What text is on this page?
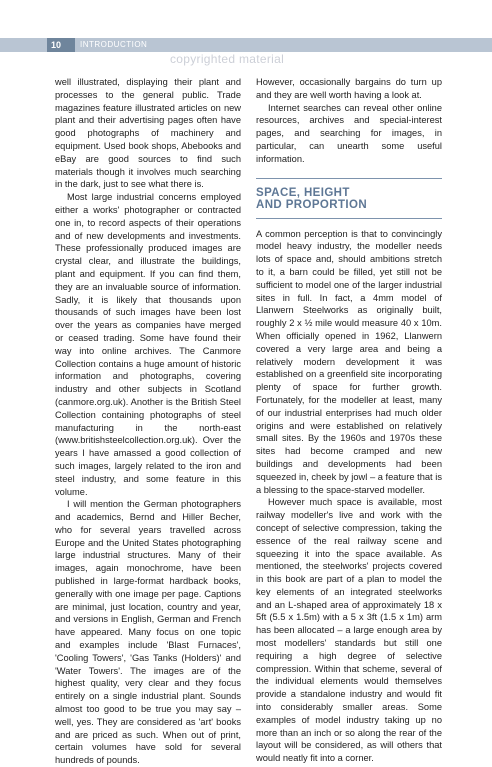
10 INTRODUCTION
copyrighted material

well illustrated, displaying their plant and processes to the general public. Trade magazines feature illustrated articles on new plant and their advertising pages often have good photographs of machinery and equipment. Used book shops, Abebooks and eBay are good sources to find such materials though it involves much searching in the dark, just to see what there is.

Most large industrial concerns employed either a works' photographer or contracted one in, to record aspects of their operations and of new developments and investments. These professionally produced images are crystal clear, and illustrate the buildings, plant and equipment. If you can find them, they are an invaluable source of information. Sadly, it is likely that thousands upon thousands of such images have been lost over the years as companies have merged or ceased trading. Some have found their way into online archives. The Canmore Collection contains a huge amount of historic information and photographs, covering industry and other subjects in Scotland (canmore.org.uk). Another is the British Steel Collection containing photographs of steel manufacturing in the north-east (www.britishsteelcollection.org.uk). Over the years I have amassed a good collection of such images, largely related to the iron and steel industry, and some feature in this volume.

I will mention the German photographers and academics, Bernd and Hiller Becher, who for several years travelled across Europe and the United States photographing large industrial structures. Many of their images, again monochrome, have been published in large-format hardback books, generally with one image per page. Captions are minimal, just location, country and year, and versions in English, German and French have appeared. Many focus on one topic and examples include 'Blast Furnaces', 'Cooling Towers', 'Gas Tanks (Holders)' and 'Water Towers'. The images are of the highest quality, very clear and they focus entirely on a single industrial plant. Sounds almost too good to be true you may say – well, yes. They are considered as 'art' books and are priced as such. When out of print, certain volumes have sold for several hundreds of pounds.

However, occasionally bargains do turn up and they are well worth having a look at.

Internet searches can reveal other online resources, archives and special-interest pages, and searching for images, in particular, can unearth some useful information.

SPACE, HEIGHT
AND PROPORTION

A common perception is that to convincingly model heavy industry, the modeller needs lots of space and, should ambitions stretch to it, a barn could be filled, yet still not be sufficient to model one of the larger industrial sites in full. In fact, a 4mm model of Llanwern Steelworks as originally built, roughly 2 x ½ mile would measure 40 x 10m. When officially opened in 1962, Llanwern covered a very large area and being a relatively modern development it was established on a greenfield site incorporating plenty of space for further growth. Fortunately, for the modeller at least, many of our industrial enterprises had much older origins and were established on relatively small sites. By the 1960s and 1970s these sites had become cramped and new buildings and developments had been squeezed in, cheek by jowl – a feature that is a blessing to the space-starved modeller.

However much space is available, most railway modeller's live and work with the concept of selective compression, taking the essence of the real railway scene and squeezing it into the space available. As mentioned, the steelworks' projects covered in this book are part of a plan to model the key elements of an integrated steelworks and an L-shaped area of approximately 18 x 5ft (5.5 x 1.5m) with a 5 x 3ft (1.5 x 1m) arm has been allocated – a large enough area by most modellers' standards but still one requiring a high degree of selective compression. Within that scheme, several of the individual elements would themselves provide a standalone industry and would fit into considerably smaller areas. Some examples of model industry taking up no more than an inch or so along the rear of the layout will be considered, as will others that would neatly fit into a corner.
